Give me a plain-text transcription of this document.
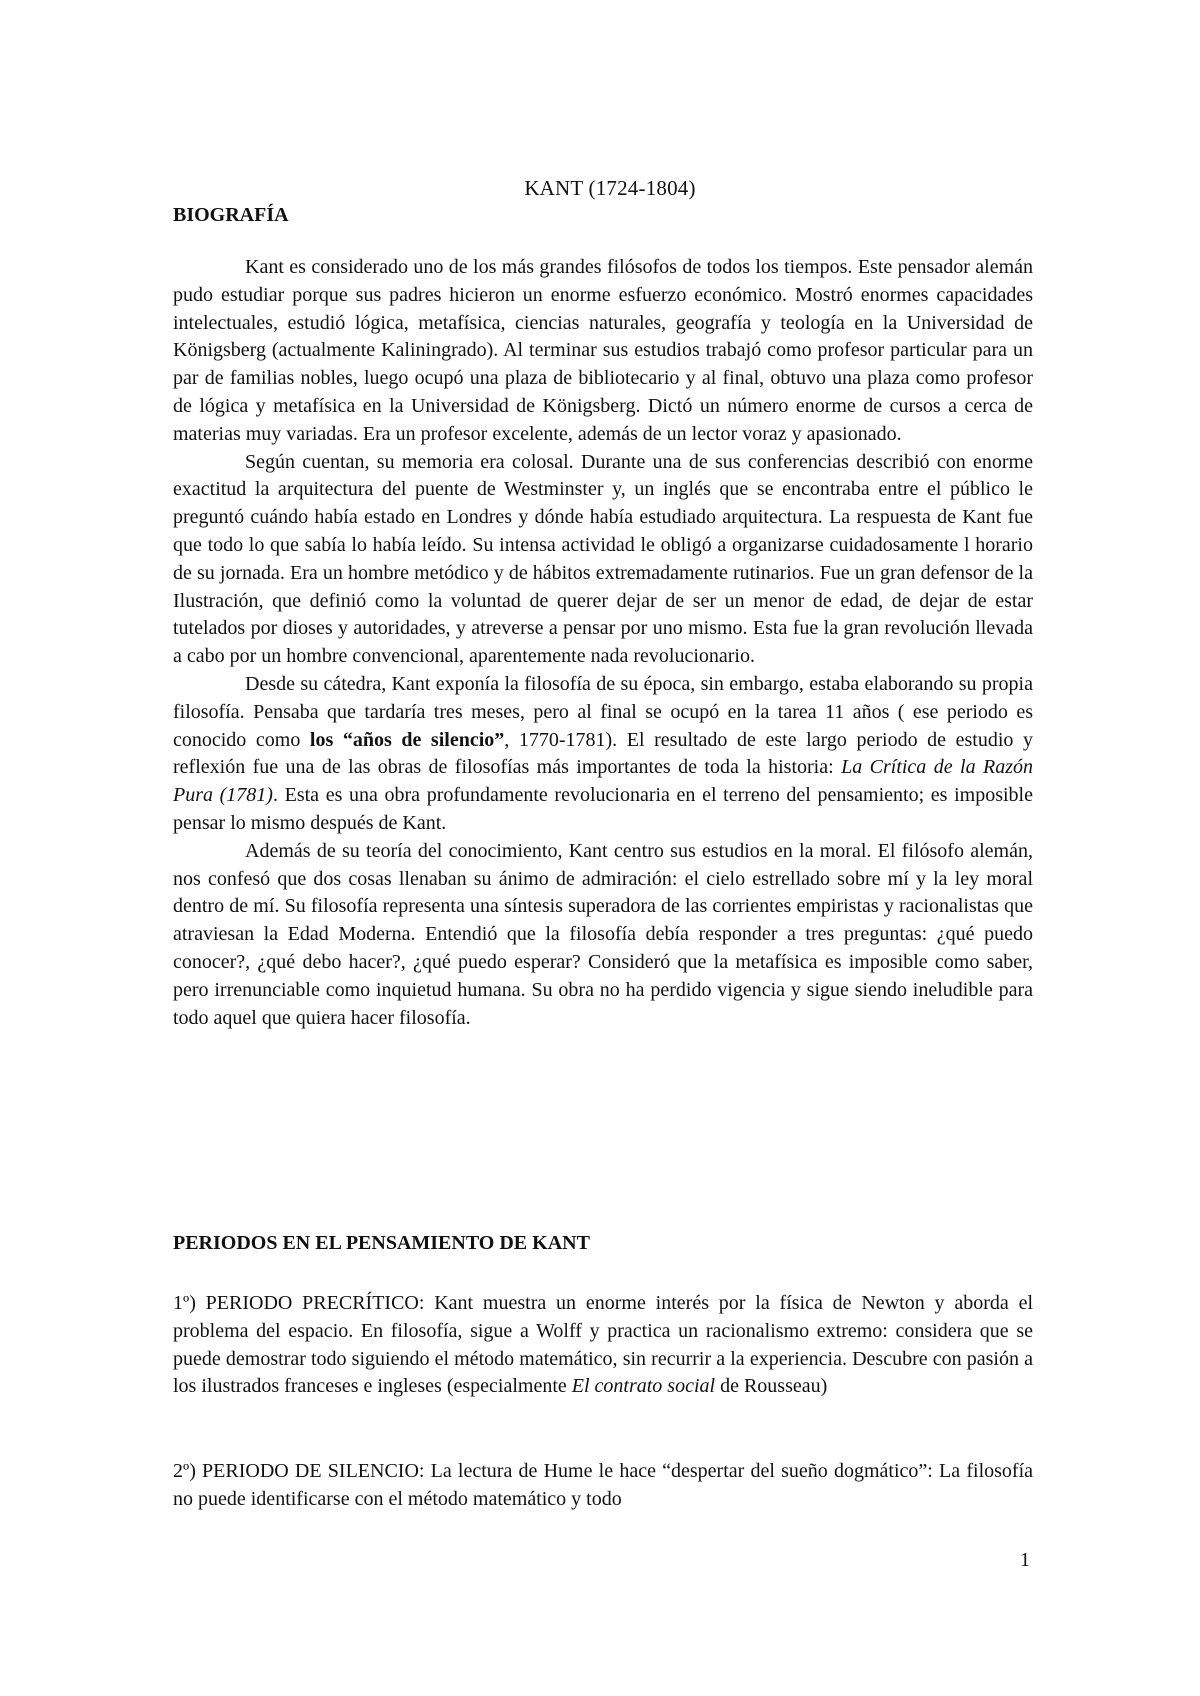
KANT (1724-1804)
BIOGRAFÍA

Kant es considerado uno de los más grandes filósofos de todos los tiempos. Este pensador alemán pudo estudiar porque sus padres hicieron un enorme esfuerzo económico. Mostró enormes capacidades intelectuales, estudió lógica, metafísica, ciencias naturales, geografía y teología en la Universidad de Königsberg (actualmente Kaliningrado). Al terminar sus estudios trabajó como profesor particular para un par de familias nobles, luego ocupó una plaza de bibliotecario y al final, obtuvo una plaza como profesor de lógica y metafísica en la Universidad de Königsberg. Dictó un número enorme de cursos a cerca de materias muy variadas. Era un profesor excelente, además de un lector voraz y apasionado.

Según cuentan, su memoria era colosal. Durante una de sus conferencias describió con enorme exactitud la arquitectura del puente de Westminster y, un inglés que se encontraba entre el público le preguntó cuándo había estado en Londres y dónde había estudiado arquitectura. La respuesta de Kant fue que todo lo que sabía lo había leído. Su intensa actividad le obligó a organizarse cuidadosamente l horario de su jornada. Era un hombre metódico y de hábitos extremadamente rutinarios. Fue un gran defensor de la Ilustración, que definió como la voluntad de querer dejar de ser un menor de edad, de dejar de estar tutelados por dioses y autoridades, y atreverse a pensar por uno mismo. Esta fue la gran revolución llevada a cabo por un hombre convencional, aparentemente nada revolucionario.

Desde su cátedra, Kant exponía la filosofía de su época, sin embargo, estaba elaborando su propia filosofía. Pensaba que tardaría tres meses, pero al final se ocupó en la tarea 11 años ( ese periodo es conocido como los “años de silencio”, 1770-1781). El resultado de este largo periodo de estudio y reflexión fue una de las obras de filosofías más importantes de toda la historia: La Crítica de la Razón Pura (1781). Esta es una obra profundamente revolucionaria en el terreno del pensamiento; es imposible pensar lo mismo después de Kant.

Además de su teoría del conocimiento, Kant centro sus estudios en la moral. El filósofo alemán, nos confesó que dos cosas llenaban su ánimo de admiración: el cielo estrellado sobre mí y la ley moral dentro de mí. Su filosofía representa una síntesis superadora de las corrientes empiristas y racionalistas que atraviesan la Edad Moderna. Entendió que la filosofía debía responder a tres preguntas: ¿qué puedo conocer?, ¿qué debo hacer?, ¿qué puedo esperar? Consideró que la metafísica es imposible como saber, pero irrenunciable como inquietud humana. Su obra no ha perdido vigencia y sigue siendo ineludible para todo aquel que quiera hacer filosofía.

PERIODOS EN EL PENSAMIENTO DE KANT

1º) PERIODO PRECRÍTICO: Kant muestra un enorme interés por la física de Newton y aborda el problema del espacio. En filosofía, sigue a Wolff y practica un racionalismo extremo: considera que se puede demostrar todo siguiendo el método matemático, sin recurrir a la experiencia. Descubre con pasión a los ilustrados franceses e ingleses (especialmente El contrato social de Rousseau)

2º) PERIODO DE SILENCIO: La lectura de Hume le hace “despertar del sueño dogmático”: La filosofía no puede identificarse con el método matemático y todo

1
